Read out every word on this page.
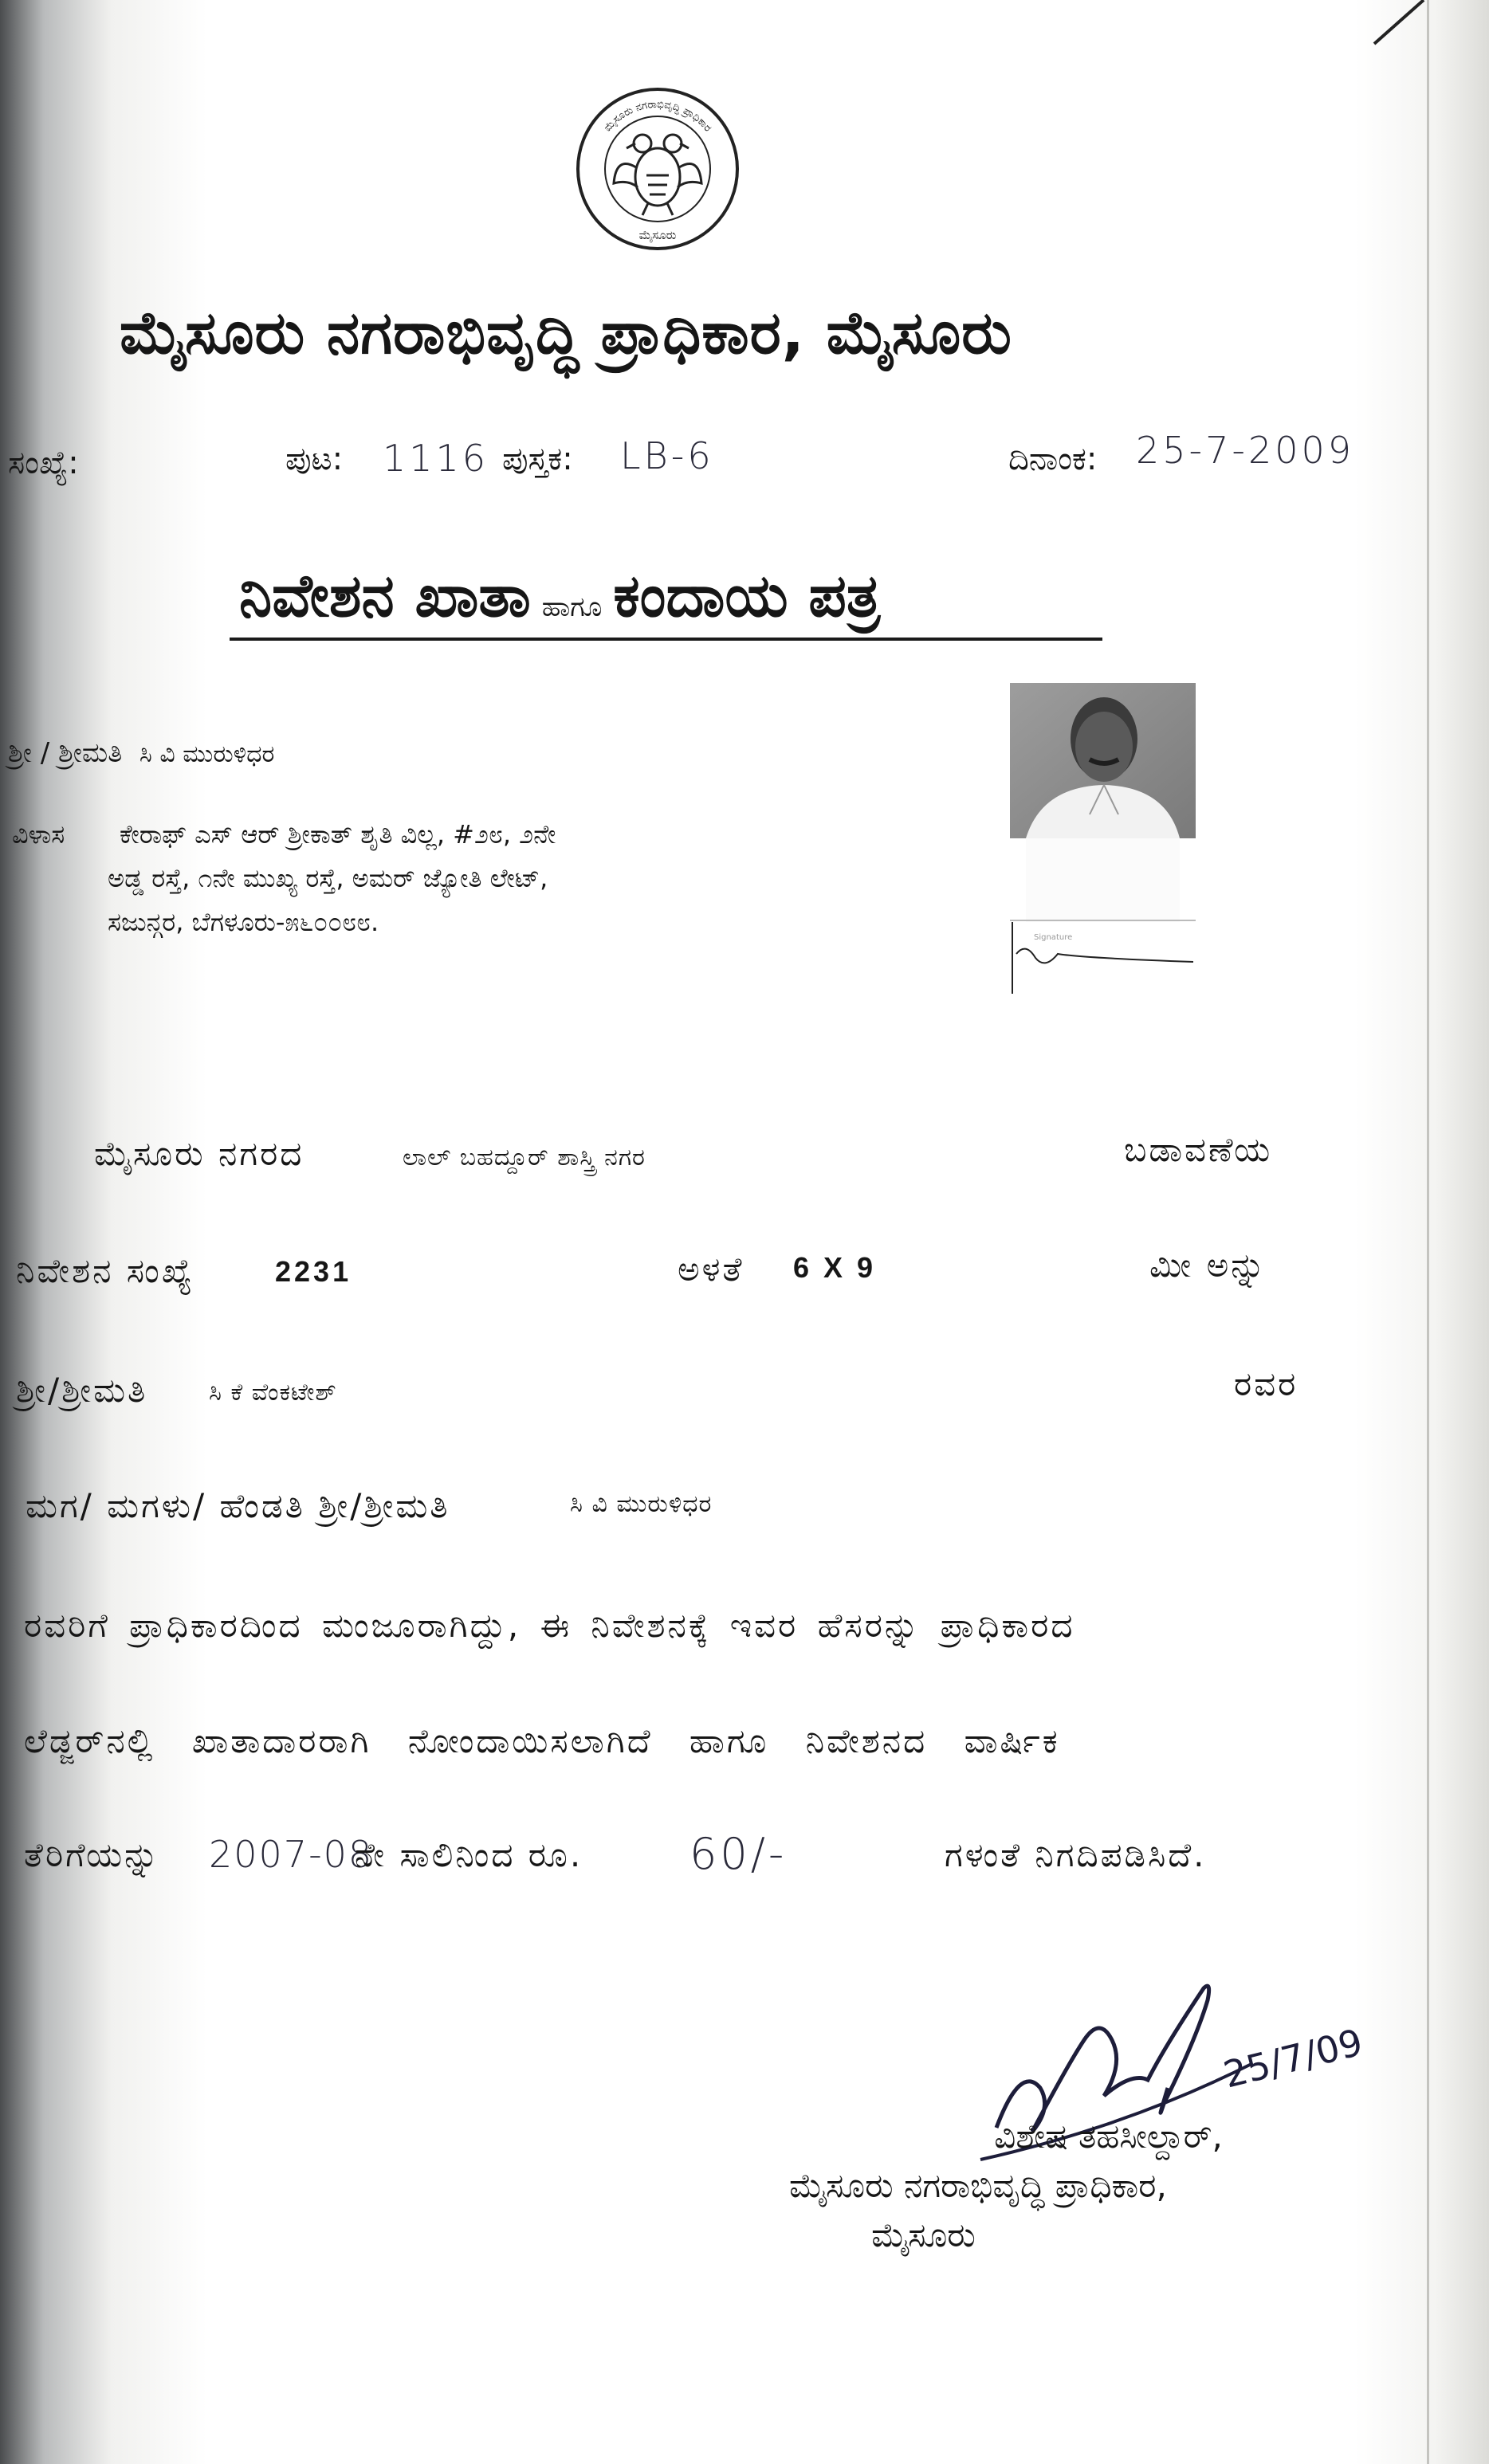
ಮೈಸೂರು ನಗರಾಭಿವೃದ್ಧಿ ಪ್ರಾಧಿಕಾರ
ಮೈಸೂರು
ಮೈಸೂರು ನಗರಾಭಿವೃದ್ಧಿ ಪ್ರಾಧಿಕಾರ, ಮೈಸೂರು
ಸಂಖ್ಯೆ:	ಪುಟ: 1116 ಪುಸ್ತಕ: LB-6	ದಿನಾಂಕ: 25-7-2009
ನಿವೇಶನ ಖಾತಾ ಹಾಗೂ ಕಂದಾಯ ಪತ್ರ
ಶ್ರೀ / ಶ್ರೀಮತಿ ಸಿ ವಿ ಮುರುಳಿಧರ
ವಿಳಾಸ ಕೇರಾಫ್ ಎಸ್ ಆರ್ ಶ್ರೀಕಾತ್ ಶೃತಿ ವಿಲ್ಲ, #೨೮, ೨ನೇ
ಅಡ್ಡ ರಸ್ತೆ, ೧ನೇ ಮುಖ್ಯ ರಸ್ತೆ, ಅಮರ್ ಜ್ಯೋತಿ ಲೇಟ್,
ಸಜುನ್ಗರ, ಬೆಗಳೂರು-೫೬೦೦೮೮.
Signature
ಮೈಸೂರು ನಗರದ	ಲಾಲ್ ಬಹದ್ದೂರ್ ಶಾಸ್ತ್ರಿ ನಗರ	ಬಡಾವಣೆಯ
ನಿವೇಶನ ಸಂಖ್ಯೆ	2231	ಅಳತೆ 6 X 9	ಮೀ ಅನ್ನು
ಶ್ರೀ/ಶ್ರೀಮತಿ	ಸಿ ಕೆ ವೆಂಕಟೇಶ್	ರವರ
ಮಗ/ ಮಗಳು/ ಹೆಂಡತಿ ಶ್ರೀ/ಶ್ರೀಮತಿ	ಸಿ ವಿ ಮುರುಳಿಧರ
ರವರಿಗೆ ಪ್ರಾಧಿಕಾರದಿಂದ ಮಂಜೂರಾಗಿದ್ದು, ಈ ನಿವೇಶನಕ್ಕೆ ಇವರ ಹೆಸರನ್ನು ಪ್ರಾಧಿಕಾರದ
ಲೆಡ್ಜರ್‌ನಲ್ಲಿ ಖಾತಾದಾರರಾಗಿ ನೋಂದಾಯಿಸಲಾಗಿದೆ ಹಾಗೂ ನಿವೇಶನದ ವಾರ್ಷಿಕ
ತೆರಿಗೆಯನ್ನು 2007-08
ನೇ ಸಾಲಿನಿಂದ ರೂ. 60/-	ಗಳಂತೆ ನಿಗದಿಪಡಿಸಿದೆ.
25/7/09
ವಿಶೇಷ ತಹಸೀಲ್ದಾರ್,
ಮೈಸೂರು ನಗರಾಭಿವೃದ್ಧಿ ಪ್ರಾಧಿಕಾರ,
ಮೈಸೂರು
